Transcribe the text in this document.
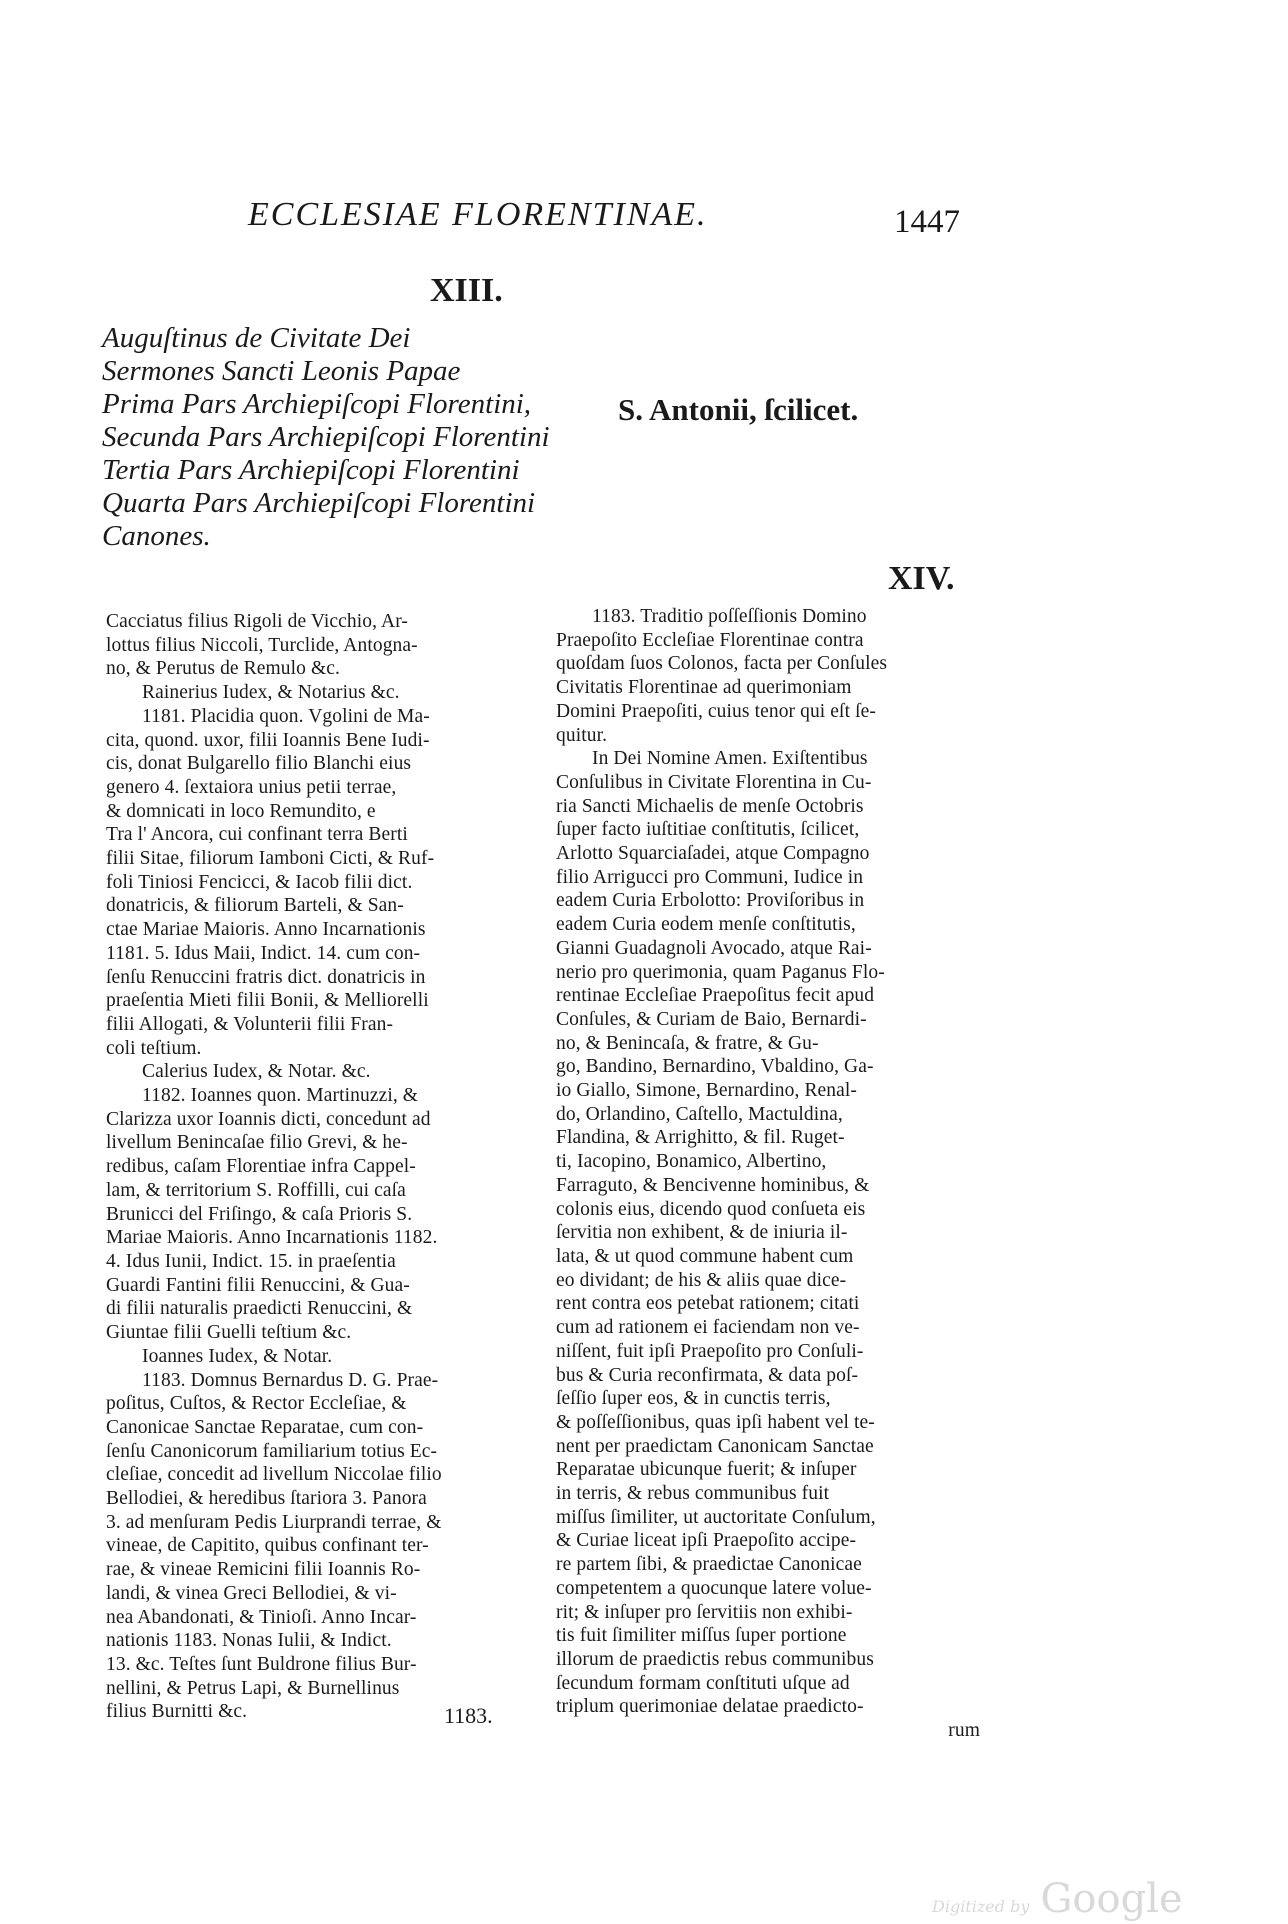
ECCLESIAE FLORENTINAE.	1447
XIII.
Auguſtinus de Civitate Dei
Sermones Sancti Leonis Papae
Prima Pars Archiepiſcopi Florentini,
Secunda Pars Archiepiſcopi Florentini
Tertia Pars Archiepiſcopi Florentini
Quarta Pars Archiepiſcopi Florentini
Canones.
S. Antonii, ſcilicet.
XIV.
Cacciatus filius Rigoli de Vicchio, Ar-
lottus filius Niccoli, Turclide, Antogna-
no, & Perutus de Remulo &c.
Rainerius Iudex, & Notarius &c.
1181. Placidia quon. Vgolini de Ma-
cita, quond. uxor, filii Ioannis Bene Iudi-
cis, donat Bulgarello filio Blanchi eius
genero 4. ſextaiora unius petii terrae,
& domnicati in loco Remundito, e
Tra l' Ancora, cui confinant terra Berti
filii Sitae, filiorum Iamboni Cicti, & Ruf-
foli Tiniosi Fencicci, & Iacob filii dict.
donatricis, & filiorum Barteli, & San-
ctae Mariae Maioris. Anno Incarnationis
1181. 5. Idus Maii, Indict. 14. cum con-
ſenſu Renuccini fratris dict. donatricis in
praeſentia Mieti filii Bonii, & Melliorelli
filii Allogati, & Volunterii filii Fran-
coli teſtium.
Calerius Iudex, & Notar. &c.
1182. Ioannes quon. Martinuzzi, &
Clarizza uxor Ioannis dicti, concedunt ad
livellum Benincaſae filio Grevi, & he-
redibus, caſam Florentiae infra Cappel-
lam, & territorium S. Roffilli, cui caſa
Brunicci del Friſingo, & caſa Prioris S.
Mariae Maioris. Anno Incarnationis 1182.
4. Idus Iunii, Indict. 15. in praeſentia
Guardi Fantini filii Renuccini, & Gua-
di filii naturalis praedicti Renuccini, &
Giuntae filii Guelli teſtium &c.
Ioannes Iudex, & Notar.
1183. Domnus Bernardus D. G. Prae-
poſitus, Cuſtos, & Rector Eccleſiae, &
Canonicae Sanctae Reparatae, cum con-
ſenſu Canonicorum familiarium totius Ec-
cleſiae, concedit ad livellum Niccolae filio
Bellodiei, & heredibus ſtariora 3. Panora
3. ad menſuram Pedis Liurprandi terrae, &
vineae, de Capitito, quibus confinant ter-
rae, & vineae Remicini filii Ioannis Ro-
landi, & vinea Greci Bellodiei, & vi-
nea Abandonati, & Tinioſi. Anno Incar-
nationis 1183. Nonas Iulii, & Indict.
13. &c. Teſtes ſunt Buldrone filius Bur-
nellini, & Petrus Lapi, & Burnellinus
filius Burnitti &c.
1183. Traditio poſſeſſionis Domino
Praepoſito Eccleſiae Florentinae contra
quoſdam ſuos Colonos, facta per Conſules
Civitatis Florentinae ad querimoniam
Domini Praepoſiti, cuius tenor qui eſt ſe-
quitur.
In Dei Nomine Amen. Exiſtentibus
Conſulibus in Civitate Florentina in Cu-
ria Sancti Michaelis de menſe Octobris
ſuper facto iuſtitiae conſtitutis, ſcilicet,
Arlotto Squarciaſadei, atque Compagno
filio Arrigucci pro Communi, Iudice in
eadem Curia Erbolotto: Proviſoribus in
eadem Curia eodem menſe conſtitutis,
Gianni Guadagnoli Avocado, atque Rai-
nerio pro querimonia, quam Paganus Flo-
rentinae Eccleſiae Praepoſitus fecit apud
Conſules, & Curiam de Baio, Bernardi-
no, & Benincaſa, & fratre, & Gu-
go, Bandino, Bernardino, Vbaldino, Ga-
io Giallo, Simone, Bernardino, Renal-
do, Orlandino, Caſtello, Mactuldina,
Flandina, & Arrighitto, & fil. Ruget-
ti, Iacopino, Bonamico, Albertino,
Farraguto, & Bencivenne hominibus, &
colonis eius, dicendo quod conſueta eis
ſervitia non exhibent, & de iniuria il-
lata, & ut quod commune habent cum
eo dividant; de his & aliis quae dice-
rent contra eos petebat rationem; citati
cum ad rationem ei faciendam non ve-
niſſent, fuit ipſi Praepoſito pro Conſuli-
bus & Curia reconfirmata, & data poſ-
ſeſſio ſuper eos, & in cunctis terris,
& poſſeſſionibus, quas ipſi habent vel te-
nent per praedictam Canonicam Sanctae
Reparatae ubicunque fuerit; & inſuper
in terris, & rebus communibus fuit
miſſus ſimiliter, ut auctoritate Conſulum,
& Curiae liceat ipſi Praepoſito accipe-
re partem ſibi, & praedictae Canonicae
competentem a quocunque latere volue-
rit; & inſuper pro ſervitiis non exhibi-
tis fuit ſimiliter miſſus ſuper portione
illorum de praedictis rebus communibus
ſecundum formam conſtituti uſque ad
triplum querimoniae delatae praedicto-
rum
1183.
Digitized by Google
